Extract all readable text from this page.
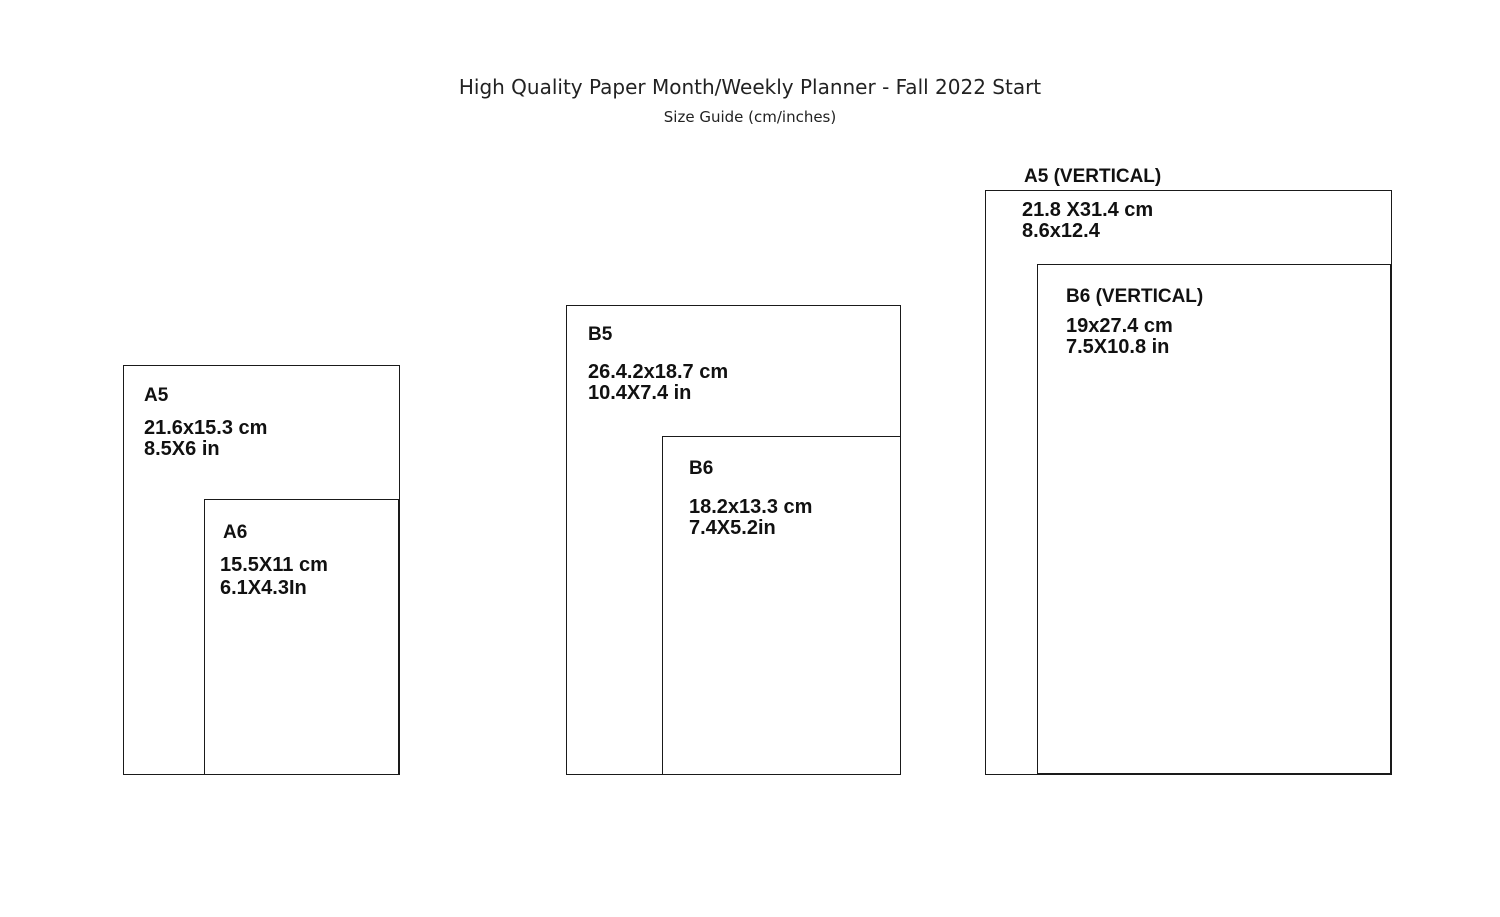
High Quality Paper Month/Weekly Planner - Fall 2022 Start
Size Guide (cm/inches)
A5
21.6x15.3 cm
8.5X6 in
A6
15.5X11 cm
6.1X4.3In
B5
26.4.2x18.7 cm
10.4X7.4 in
B6
18.2x13.3 cm
7.4X5.2in
A5 (VERTICAL)
21.8 X31.4 cm
8.6x12.4
B6 (VERTICAL)
19x27.4 cm
7.5X10.8 in
